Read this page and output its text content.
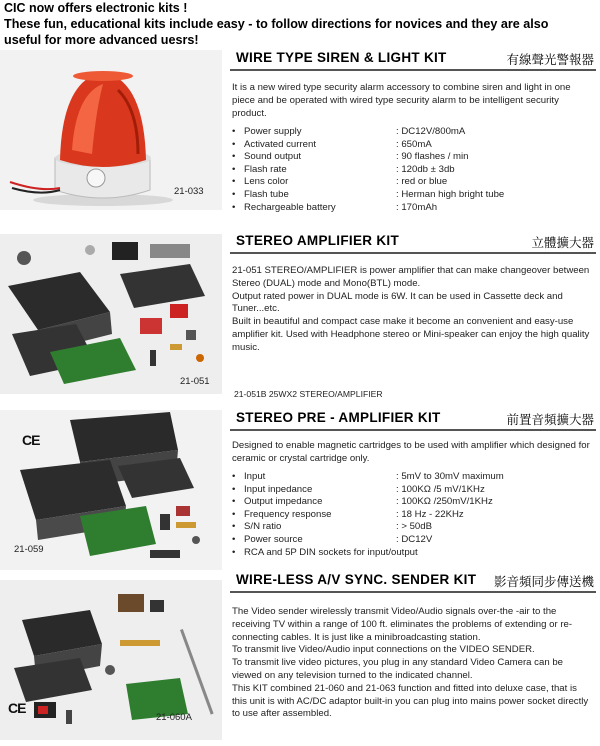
CIC now offers electronic kits !
These fun, educational kits include easy - to follow directions for novices and they are also
useful for more advanced uesrs!
21-033
21-051
CE
21-059
CE
21-060A
WIRE TYPE SIREN & LIGHT KIT	有線聲光警報器

It is a new wired type security alarm accessory to combine siren and light in one piece and be operated with wired type security alarm to be intelligent security product.

• Power supply	: DC12V/800mA
• Activated current	: 650mA
• Sound output	: 90 flashes / min
• Flash rate	: 120db ± 3db
• Lens color	: red or blue
• Flash tube	: Herman high bright tube
• Rechargeable battery	: 170mAh
STEREO AMPLIFIER KIT	立體擴大器

21-051 STEREO/AMPLIFIER is power amplifier that can make changeover between Stereo (DUAL) mode and Mono(BTL) mode.

Output rated power in DUAL mode is 6W. It can be used in Cassette deck and Tuner...etc.

Built in beautiful and compact case make it become an convenient and easy-use amplifier kit. Used with Headphone stereo or Mini-speaker can enjoy the high quality music.

21-051B 25WX2 STEREO/AMPLIFIER
STEREO PRE - AMPLIFIER KIT	前置音頻擴大器

Designed to enable magnetic cartridges to be used with amplifier which designed for ceramic or crystal cartridge only.

• Input	: 5mV to 30mV maximum
• Input inpedance	: 100KΩ /5 mV/1KHz
• Output impedance	: 100KΩ /250mV/1KHz
• Frequency response	: 18 Hz - 22KHz
• S/N ratio	: > 50dB
• Power source	: DC12V
• RCA and 5P DIN sockets for input/output
WIRE-LESS A/V SYNC. SENDER KIT 影音頻同步傳送機

The Video sender wirelessly transmit Video/Audio signals over-the -air to the receiving TV within a range of 100 ft. eliminates the problems of extending or re-connecting cables. It is just like a minibroadcasting station.

To transmit live Video/Audio input connections on the VIDEO SENDER.

To transmit live video pictures, you plug in any standard Video Camera can be viewed on any television turned to the indicated channel.

This KIT combined 21-060 and 21-063 function and fitted into deluxe case, that is this unit is with AC/DC adaptor built-in you can plug into mains power socket directly to use after assembled.
